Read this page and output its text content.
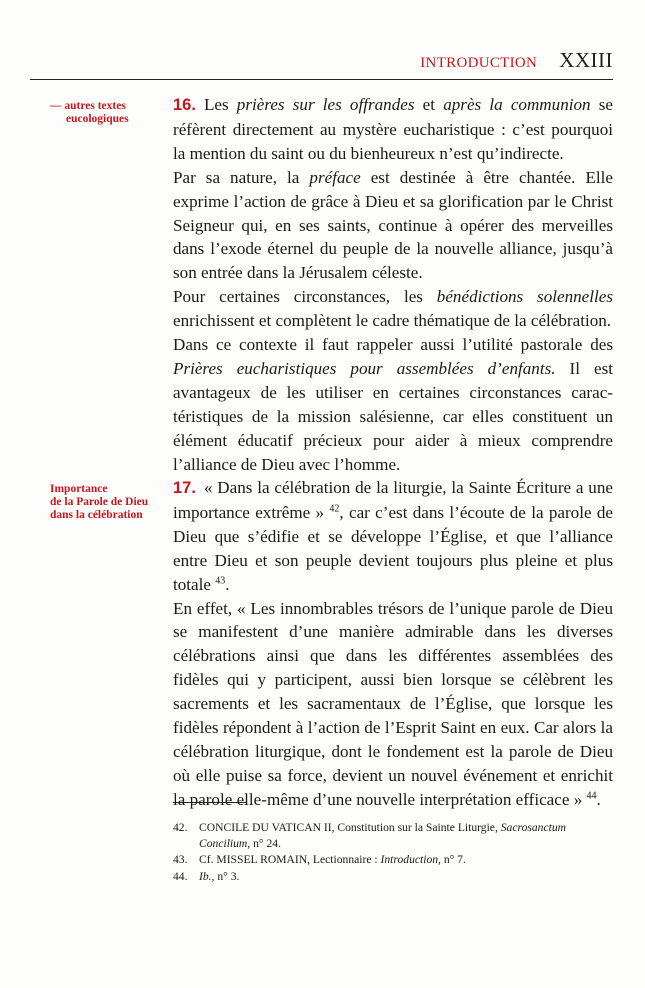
INTRODUCTION XXIII
— autres textes
eucologiques

16. Les prières sur les offrandes et après la communion se réfèrent directement au mystère eucharistique : c’est pourquoi la mention du saint ou du bienheureux n’est qu’indirecte.

Par sa nature, la préface est destinée à être chantée. Elle exprime l’action de grâce à Dieu et sa glorification par le Christ Seigneur qui, en ses saints, continue à opérer des merveilles dans l’exode éternel du peuple de la nouvelle alliance, jusqu’à son entrée dans la Jérusalem céleste.

Pour certaines circonstances, les bénédictions solennelles enrichissent et complètent le cadre thématique de la célébration.

Dans ce contexte il faut rappeler aussi l’utilité pastorale des Prières eucharistiques pour assemblées d’enfants. Il est avantageux de les utiliser en certaines circonstances caractéristiques de la mission salésienne, car elles constituent un élément éducatif précieux pour aider à mieux comprendre l’alliance de Dieu avec l’homme.

Importance
de la Parole de Dieu
dans la célébration

17. « Dans la célébration de la liturgie, la Sainte Écriture a une importance extrême » $^{42}$, car c’est dans l’écoute de la parole de Dieu que s’édifie et se développe l’Église, et que l’alliance entre Dieu et son peuple devient toujours plus pleine et plus totale $^{43}$.

En effet, « Les innombrables trésors de l’unique parole de Dieu se manifestent d’une manière admirable dans les diverses célébrations ainsi que dans les différentes assemblées des fidèles qui y participent, aussi bien lorsque se célèbrent les sacrements et les sacramentaux de l’Église, que lorsque les fidèles répondent à l’action de l’Esprit Saint en eux. Car alors la célébration liturgique, dont le fondement est la parole de Dieu où elle puise sa force, devient un nouvel événement et enrichit la parole elle-même d’une nouvelle interprétation efficace » $^{44}$.

42. CONCILE DU VATICAN II, Constitution sur la Sainte Liturgie, Sacrosanctum Concilium, n° 24.

43. Cf. MISSEL ROMAIN, Lectionnaire : Introduction, n° 7.

44. Ib., n° 3.
